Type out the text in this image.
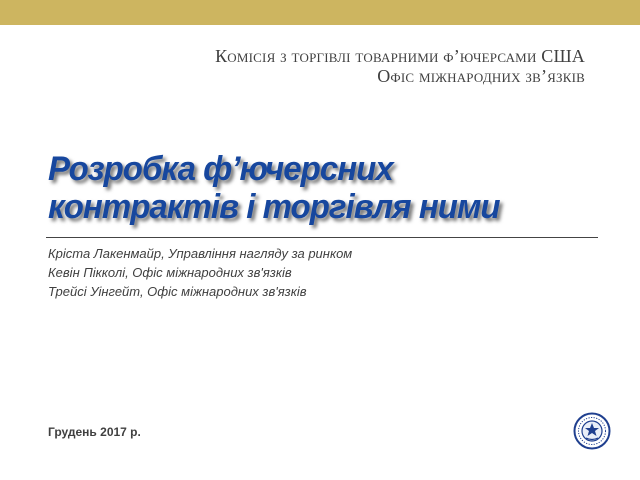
Комісія з торгівлі товарними ф’ючерсами США
Офіс міжнародних зв’язків
Розробка ф’ючерсних
контрактів і торгівля ними
Кріста Лакенмайр, Управління нагляду за ринком
Кевін Пікколі, Офіс міжнародних зв'язків
Трейсі Уінгейт, Офіс міжнародних зв'язків
Грудень 2017 р.
